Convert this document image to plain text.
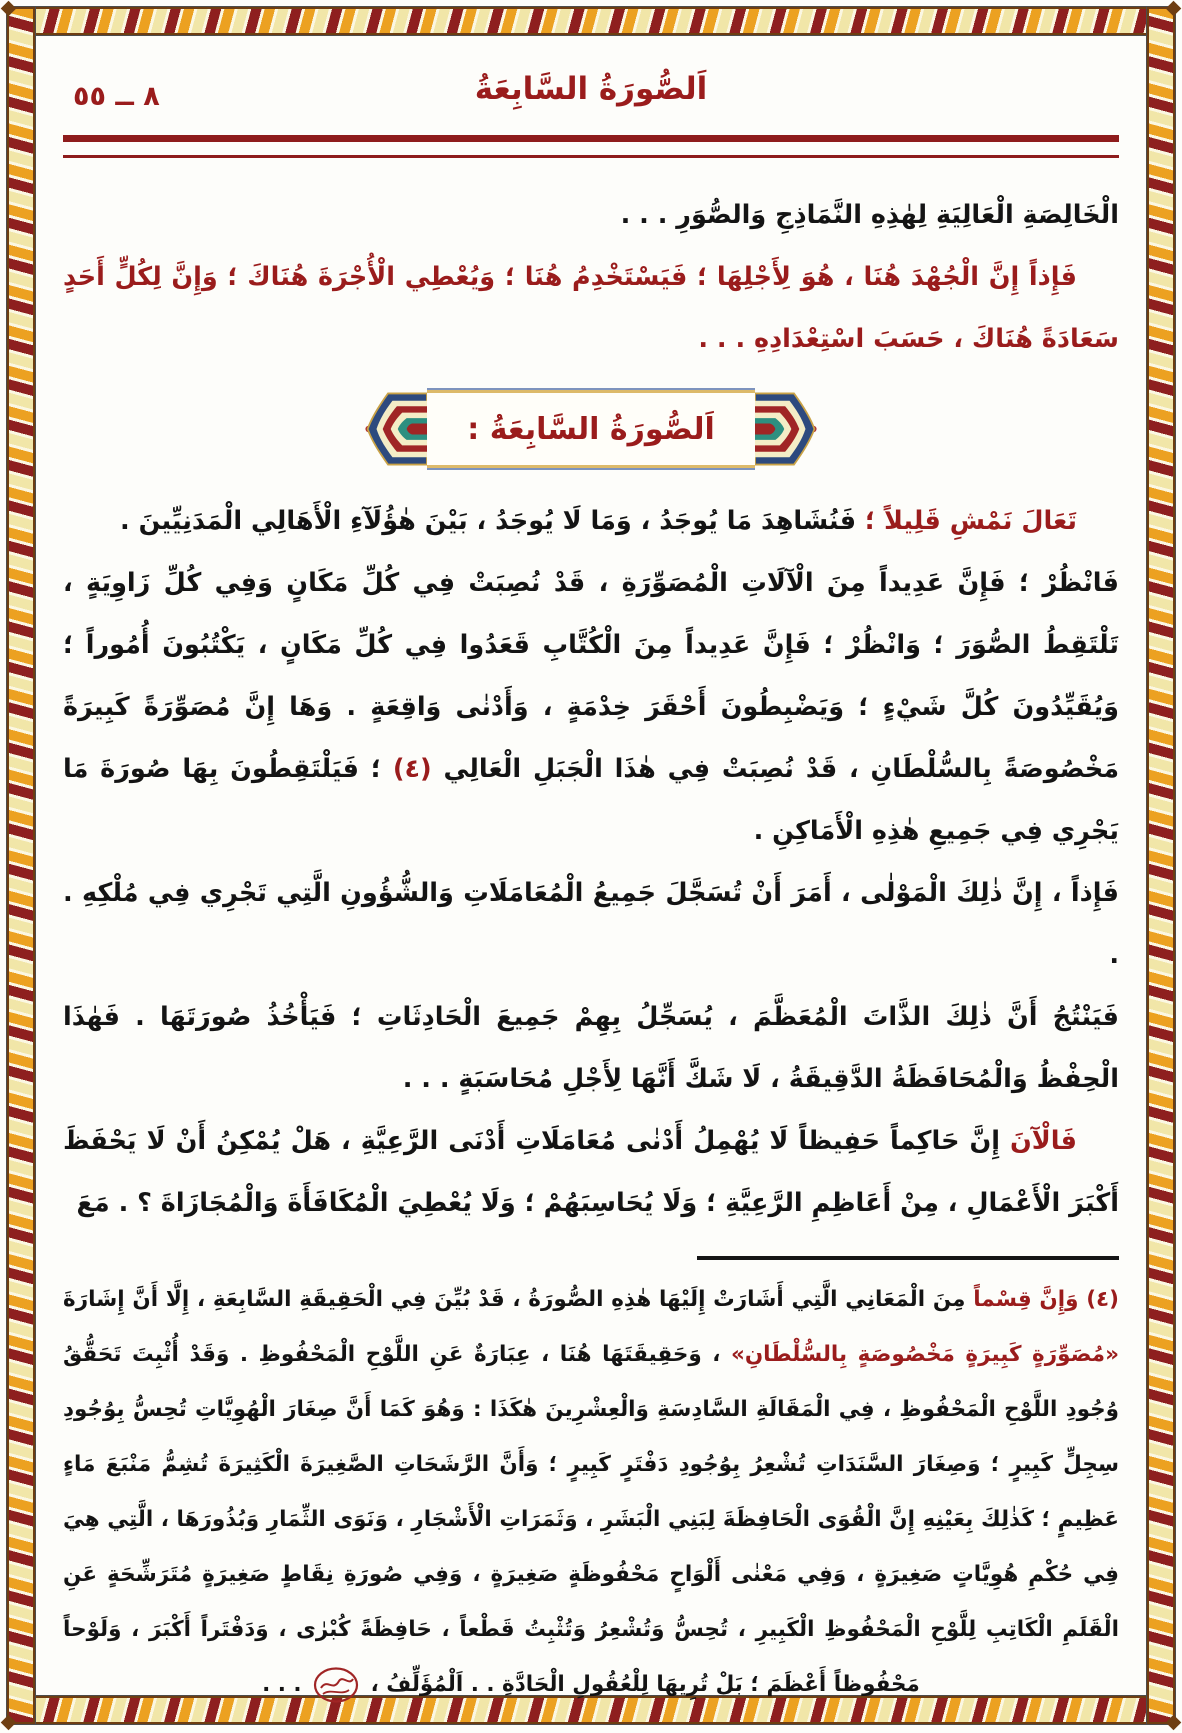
٨ ــ ٥٥	اَلصُّورَةُ السَّابِعَةُ

الْخَالِصَةِ الْعَالِيَةِ لِهٰذِهِ النَّمَاذِجِ وَالصُّوَرِ . . .

فَإِذاً إِنَّ الْجُهْدَ هُنَا ، هُوَ لِأَجْلِهَا ؛ فَيَسْتَخْدِمُ هُنَا ؛ وَيُعْطِي الْأُجْرَةَ هُنَاكَ ؛ وَإِنَّ لِكُلٍّ أَحَدٍ سَعَادَةً هُنَاكَ ، حَسَبَ اسْتِعْدَادِهِ . . .

اَلصُّورَةُ السَّابِعَةُ :

تَعَالَ نَمْشِ قَلِيلاً ؛ فَنُشَاهِدَ مَا يُوجَدُ ، وَمَا لَا يُوجَدُ ، بَيْنَ هٰؤُلَآءِ الْأَهَالِي الْمَدَنِيِّينَ .

فَانْظُرْ ؛ فَإِنَّ عَدِيداً مِنَ الْآلَاتِ الْمُصَوِّرَةِ ، قَدْ نُصِبَتْ فِي كُلِّ مَكَانٍ وَفِي كُلِّ زَاوِيَةٍ ، تَلْتَقِطُ الصُّوَرَ ؛ وَانْظُرْ ؛ فَإِنَّ عَدِيداً مِنَ الْكُتَّابِ قَعَدُوا فِي كُلِّ مَكَانٍ ، يَكْتُبُونَ أُمُوراً ؛ وَيُقَيِّدُونَ كُلَّ شَيْءٍ ؛ وَيَضْبِطُونَ أَحْقَرَ خِدْمَةٍ ، وَأَدْنٰى وَاقِعَةٍ . وَهَا إِنَّ مُصَوِّرَةً كَبِيرَةً مَخْصُوصَةً بِالسُّلْطَانِ ، قَدْ نُصِبَتْ فِي هٰذَا الْجَبَلِ الْعَالِي (٤) ؛ فَيَلْتَقِطُونَ بِهَا صُورَةَ مَا يَجْرِي فِي جَمِيعِ هٰذِهِ الْأَمَاكِنِ .

فَإِذاً ، إِنَّ ذٰلِكَ الْمَوْلٰى ، أَمَرَ أَنْ تُسَجَّلَ جَمِيعُ الْمُعَامَلَاتِ وَالشُّؤُونِ الَّتِي تَجْرِي فِي مُلْكِهِ . .

فَيَنْتُجُ أَنَّ ذٰلِكَ الذَّاتَ الْمُعَظَّمَ ، يُسَجِّلُ بِهِمْ جَمِيعَ الْحَادِثَاتِ ؛ فَيَأْخُذُ صُورَتَهَا . فَهٰذَا الْحِفْظُ وَالْمُحَافَظَةُ الدَّقِيقَةُ ، لَا شَكَّ أَنَّهَا لِأَجْلِ مُحَاسَبَةٍ . . .

فَالْآنَ إِنَّ حَاكِماً حَفِيظاً لَا يُهْمِلُ أَدْنٰى مُعَامَلَاتِ أَدْنَى الرَّعِيَّةِ ، هَلْ يُمْكِنُ أَنْ لَا يَحْفَظَ أَكْبَرَ الْأَعْمَالِ ، مِنْ أَعَاظِمِ الرَّعِيَّةِ ؛ وَلَا يُحَاسِبَهُمْ ؛ وَلَا يُعْطِيَ الْمُكَافَأَةَ وَالْمُجَازَاةَ ؟ . مَعَ

(٤) وَإِنَّ قِسْماً مِنَ الْمَعَانِي الَّتِي أَشَارَتْ إِلَيْهَا هٰذِهِ الصُّورَةُ ، قَدْ بُيِّنَ فِي الْحَقِيقَةِ السَّابِعَةِ ، إِلَّا أَنَّ إِشَارَةَ «مُصَوِّرَةٍ كَبِيرَةٍ مَخْصُوصَةٍ بِالسُّلْطَانِ» ، وَحَقِيقَتَهَا هُنَا ، عِبَارَةٌ عَنِ اللَّوْحِ الْمَحْفُوظِ . وَقَدْ أُثْبِتَ تَحَقُّقُ وُجُودِ اللَّوْحِ الْمَحْفُوظِ ، فِي الْمَقَالَةِ السَّادِسَةِ وَالْعِشْرِينَ هٰكَذَا : وَهُوَ كَمَا أَنَّ صِغَارَ الْهُوِيَّاتِ تُحِسُّ بِوُجُودِ سِجِلٍّ كَبِيرٍ ؛ وَصِغَارَ السَّنَدَاتِ تُشْعِرُ بِوُجُودِ دَفْتَرٍ كَبِيرٍ ؛ وَأَنَّ الرَّشَحَاتِ الصَّغِيرَةَ الْكَثِيرَةَ تُشِمُّ مَنْبَعَ مَاءٍ عَظِيمٍ ؛ كَذٰلِكَ بِعَيْنِهِ إِنَّ الْقُوَى الْحَافِظَةَ لِبَنِي الْبَشَرِ ، وَثَمَرَاتِ الْأَشْجَارِ ، وَنَوَى الثِّمَارِ وَبُذُورَهَا ، الَّتِي هِيَ فِي حُكْمِ هُوِيَّاتٍ صَغِيرَةٍ ، وَفِي مَعْنٰى أَلْوَاحٍ مَحْفُوظَةٍ صَغِيرَةٍ ، وَفِي صُورَةِ نِقَاطٍ صَغِيرَةٍ مُتَرَشِّحَةٍ عَنِ الْقَلَمِ الْكَاتِبِ لِلَّوْحِ الْمَحْفُوظِ الْكَبِيرِ ، تُحِسُّ وَتُشْعِرُ وَتُثْبِتُ قَطْعاً ، حَافِظَةً كُبْرٰى ، وَدَفْتَراً أَكْبَرَ ، وَلَوْحاً مَحْفُوظاً أَعْظَمَ ؛ بَلْ تُرِيهَا لِلْعُقُولِ الْحَادَّةِ . . اَلْمُؤَلِّفُ ،  . . .
